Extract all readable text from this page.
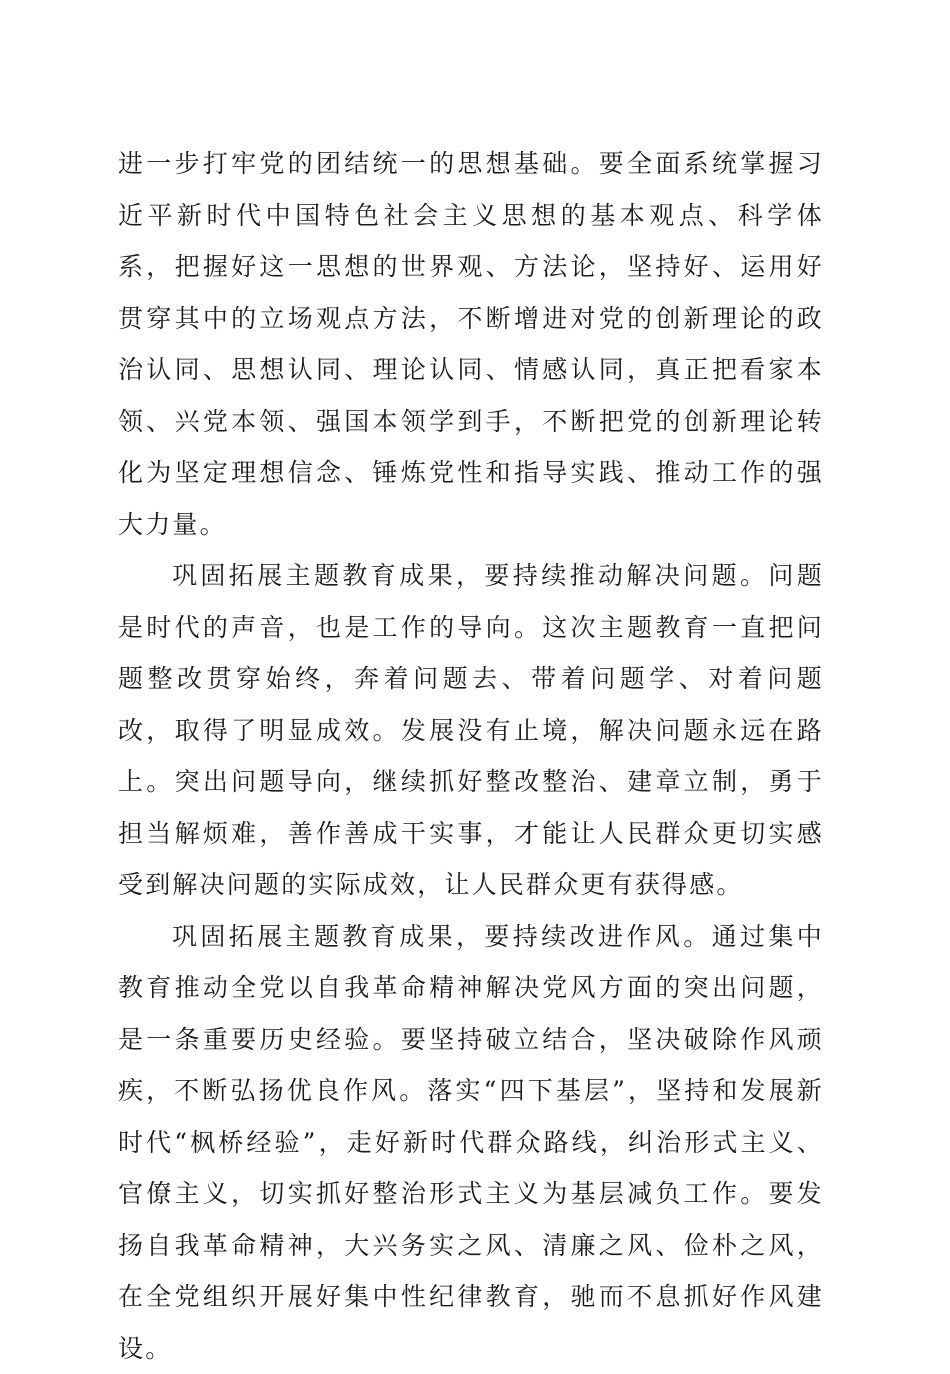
进一步打牢党的团结统一的思想基础。要全面系统掌握习近平新时代中国特色社会主义思想的基本观点、科学体系，把握好这一思想的世界观、方法论，坚持好、运用好贯穿其中的立场观点方法，不断增进对党的创新理论的政治认同、思想认同、理论认同、情感认同，真正把看家本领、兴党本领、强国本领学到手，不断把党的创新理论转化为坚定理想信念、锤炼党性和指导实践、推动工作的强大力量。

巩固拓展主题教育成果，要持续推动解决问题。问题是时代的声音，也是工作的导向。这次主题教育一直把问题整改贯穿始终，奔着问题去、带着问题学、对着问题改，取得了明显成效。发展没有止境，解决问题永远在路上。突出问题导向，继续抓好整改整治、建章立制，勇于担当解烦难，善作善成干实事，才能让人民群众更切实感受到解决问题的实际成效，让人民群众更有获得感。

巩固拓展主题教育成果，要持续改进作风。通过集中教育推动全党以自我革命精神解决党风方面的突出问题，是一条重要历史经验。要坚持破立结合，坚决破除作风顽疾，不断弘扬优良作风。落实“四下基层”，坚持和发展新时代“枫桥经验”，走好新时代群众路线，纠治形式主义、官僚主义，切实抓好整治形式主义为基层减负工作。要发扬自我革命精神，大兴务实之风、清廉之风、俭朴之风，在全党组织开展好集中性纪律教育，驰而不息抓好作风建设。
